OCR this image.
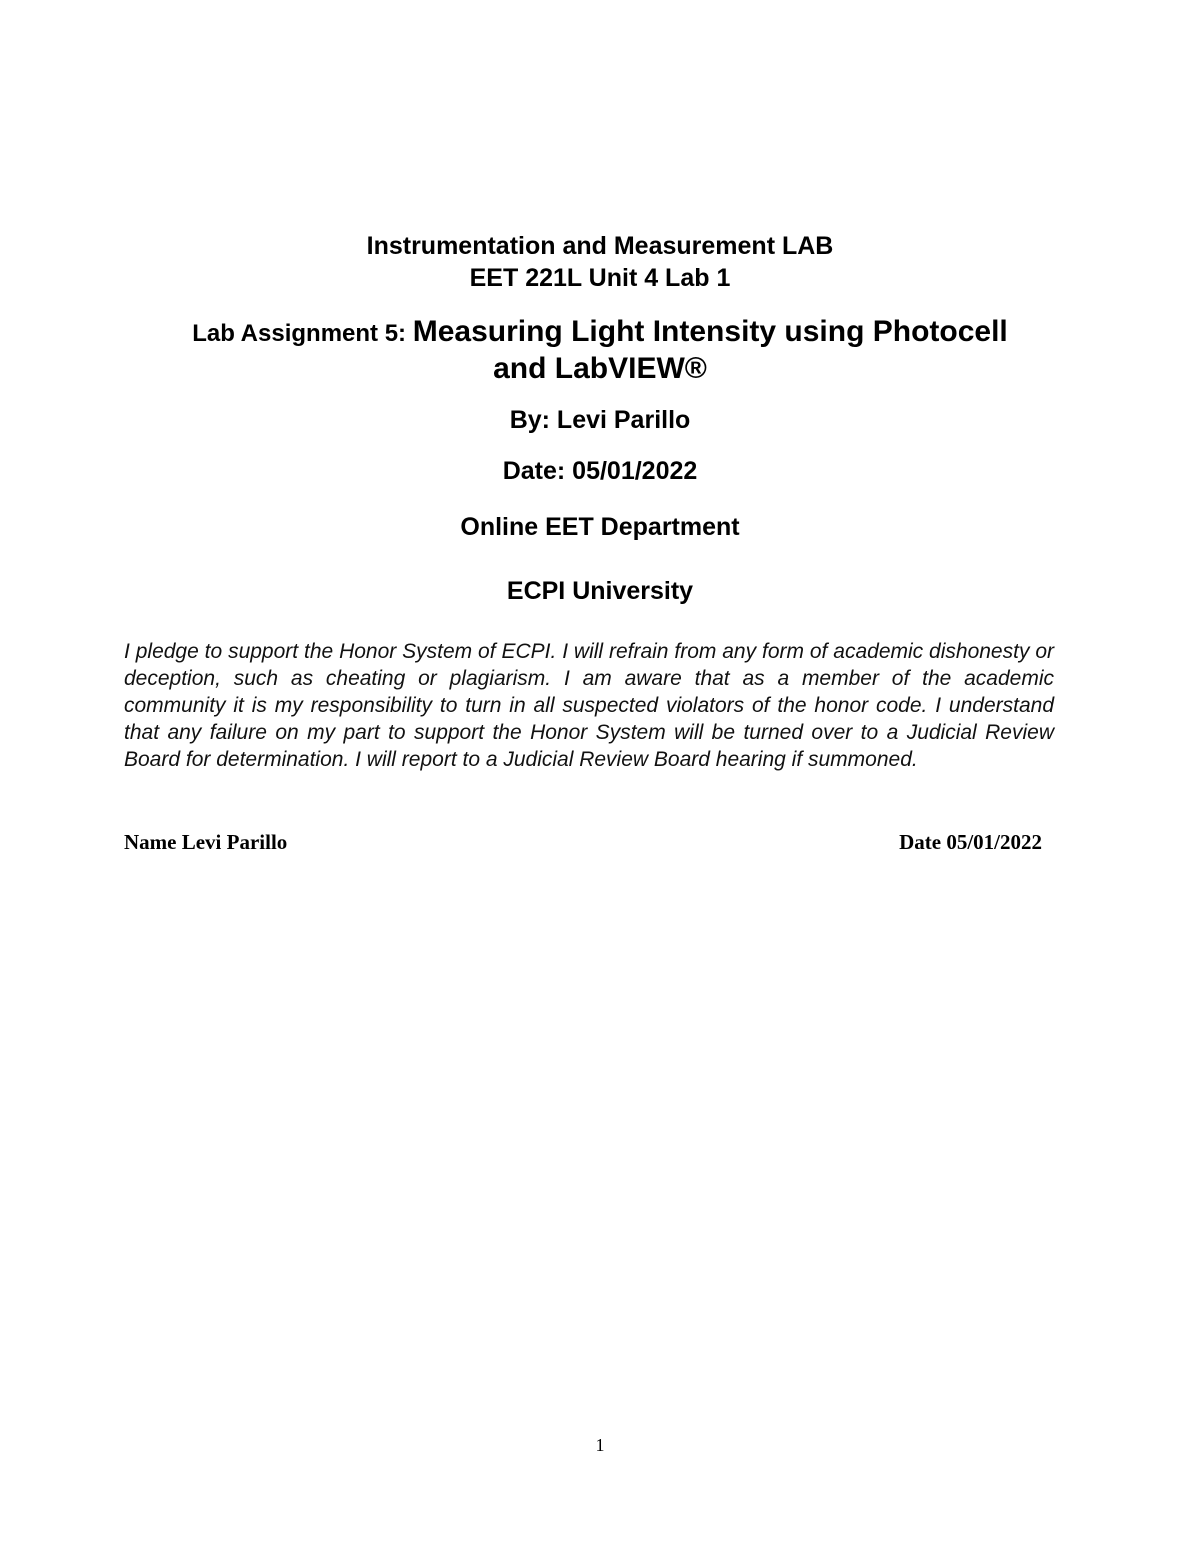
Instrumentation and Measurement LAB
EET 221L Unit 4 Lab 1
Lab Assignment 5: Measuring Light Intensity using Photocell
and LabVIEW®
By: Levi Parillo
Date: 05/01/2022
Online EET Department
ECPI University
I pledge to support the Honor System of ECPI. I will refrain from any form of academic dishonesty or deception, such as cheating or plagiarism. I am aware that as a member of the academic community it is my responsibility to turn in all suspected violators of the honor code. I understand that any failure on my part to support the Honor System will be turned over to a Judicial Review Board for determination. I will report to a Judicial Review Board hearing if summoned.
Name Levi Parillo	Date 05/01/2022
1
